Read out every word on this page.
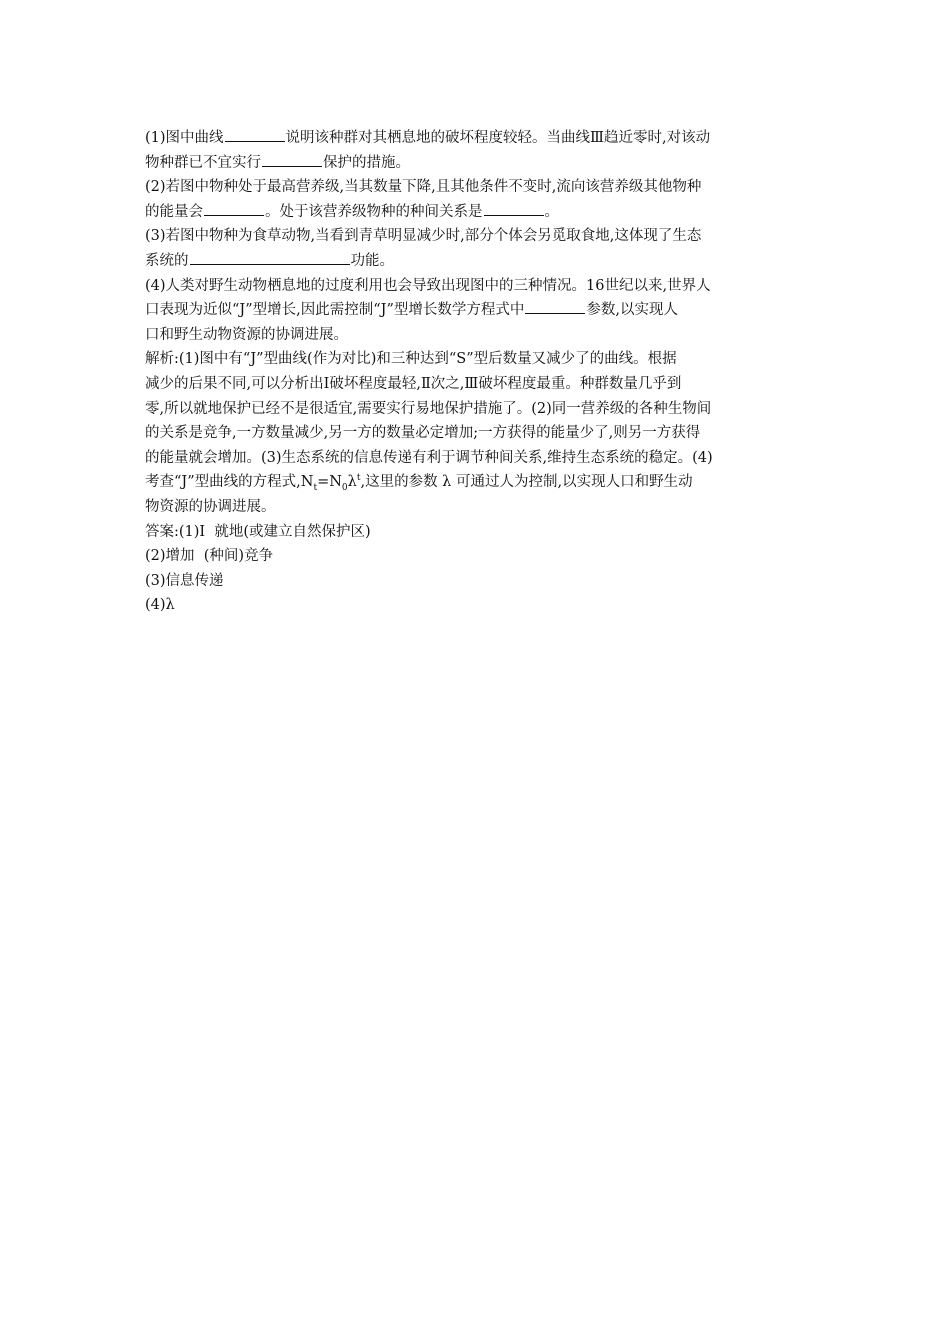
(1)图中曲线	说明该种群对其栖息地的破坏程度较轻。当曲线Ⅲ趋近零时,对该动
物种群已不宜实行	保护的措施。
(2)若图中物种处于最高营养级,当其数量下降,且其他条件不变时,流向该营养级其他物种
的能量会	。处于该营养级物种的种间关系是	。
(3)若图中物种为食草动物,当看到青草明显减少时,部分个体会另觅取食地,这体现了生态
系统的	功能。
(4)人类对野生动物栖息地的过度利用也会导致出现图中的三种情况。16世纪以来,世界人
口表现为近似“J”型增长,因此需控制“J”型增长数学方程式中	参数,以实现人
口和野生动物资源的协调进展。
解析:(1)图中有“J”型曲线(作为对比)和三种达到“S”型后数量又减少了的曲线。根据
减少的后果不同,可以分析出Ⅰ破坏程度最轻,Ⅱ次之,Ⅲ破坏程度最重。种群数量几乎到
零,所以就地保护已经不是很适宜,需要实行易地保护措施了。(2)同一营养级的各种生物间
的关系是竞争,一方数量减少,另一方的数量必定增加;一方获得的能量少了,则另一方获得
的能量就会增加。(3)生态系统的信息传递有利于调节种间关系,维持生态系统的稳定。(4)
考查“J”型曲线的方程式$,N_t=N_0\lambda^t$,这里的参数 λ 可通过人为控制,以实现人口和野生动
物资源的协调进展。
答案:(1)Ⅰ  就地(或建立自然保护区)
(2)增加  (种间)竞争
(3)信息传递
(4)λ
